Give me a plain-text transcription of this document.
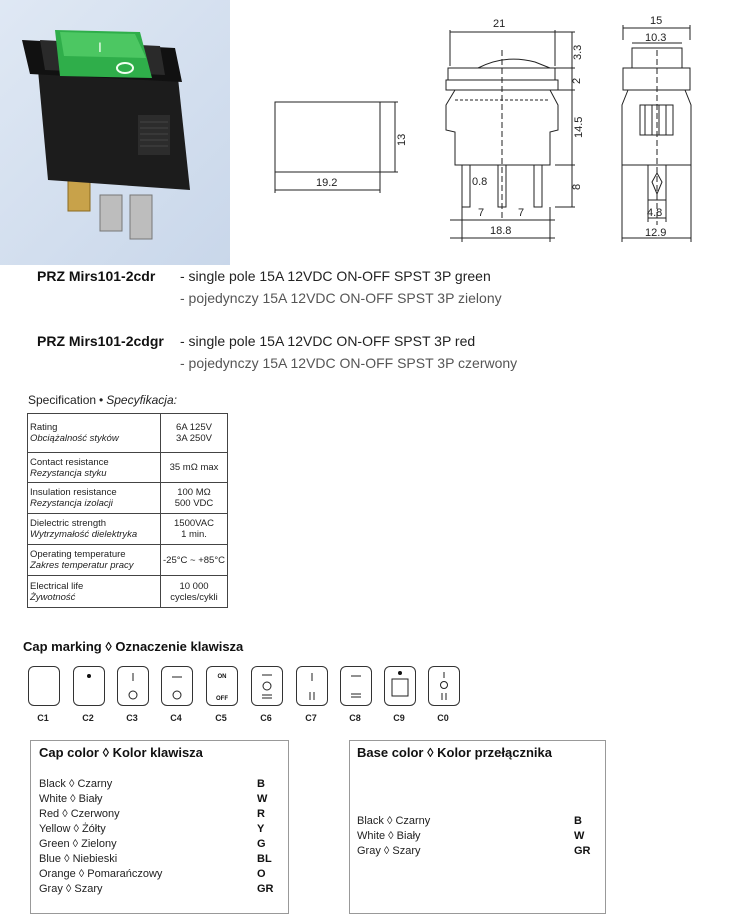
I
19.2
13
21
3.3
2
14.5
8
0.8
7	7
18.8
15
10.3
4.8
12.9
PRZ Mirs101-2cdr - single pole 15A 12VDC ON-OFF SPST 3P green
- pojedynczy 15A 12VDC ON-OFF SPST 3P zielony
PRZ Mirs101-2cdgr - single pole 15A 12VDC ON-OFF SPST 3P red
- pojedynczy 15A 12VDC ON-OFF SPST 3P czerwony
Specification • Specyfikacja:
Rating
Obciążalność styków	6A 125V
3A 250V

Contact resistance
Rezystancja styku	35 mΩ max

Insulation resistance
Rezystancja izolacji	100 MΩ
500 VDC

Dielectric strength
Wytrzymałość dielektryka	1500VAC
1 min.

Operating temperature
Zakres temperatur pracy	-25°C ~ +85°C

Electrical life
Żywotność	10 000
cycles/cykli
Cap marking ◊ Oznaczenie klawisza
ON
OFF
C1	C2	C3	C4	C5	C6	C7	C8	C9	C0
Cap color ◊ Kolor klawisza
Black ◊ Czarny	B
White ◊ Biały	W
Red ◊ Czerwony	R
Yellow ◊ Żółty	Y
Green ◊ Zielony	G
Blue ◊ Niebieski	BL
Orange ◊ Pomarańczowy	O
Gray ◊ Szary	GR
Base color ◊ Kolor przełącznika
Black ◊ Czarny	B
White ◊ Biały	W
Gray ◊ Szary	GR
